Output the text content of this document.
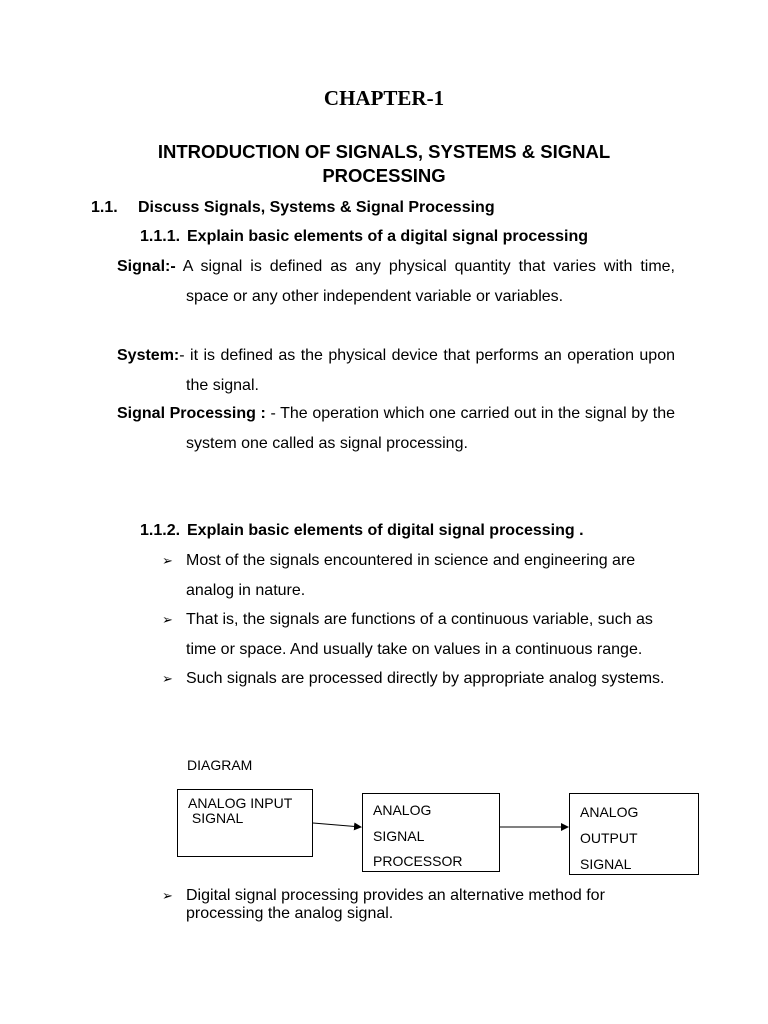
CHAPTER-1
INTRODUCTION OF SIGNALS, SYSTEMS & SIGNAL PROCESSING
1.1. Discuss Signals, Systems & Signal Processing
1.1.1. Explain basic elements of a digital signal processing
Signal:- A signal is defined as any physical quantity that varies with time, space or any other independent variable or variables.
System:- it is defined as the physical device that performs an operation upon the signal.
Signal Processing : - The operation which one carried out in the signal by the system one called as signal processing.
1.1.2. Explain basic elements of digital signal processing .

➢ Most of the signals encountered in science and engineering are analog in nature.

➢ That is, the signals are functions of a continuous variable, such as time or space. And usually take on values in a continuous range.

➢ Such signals are processed directly by appropriate analog systems.

DIAGRAM
ANALOG INPUT
SIGNAL	ANALOG
SIGNAL
PROCESSOR
ANALOG
OUTPUT
SIGNAL

➢ Digital signal processing provides an alternative method for processing the analog signal.
